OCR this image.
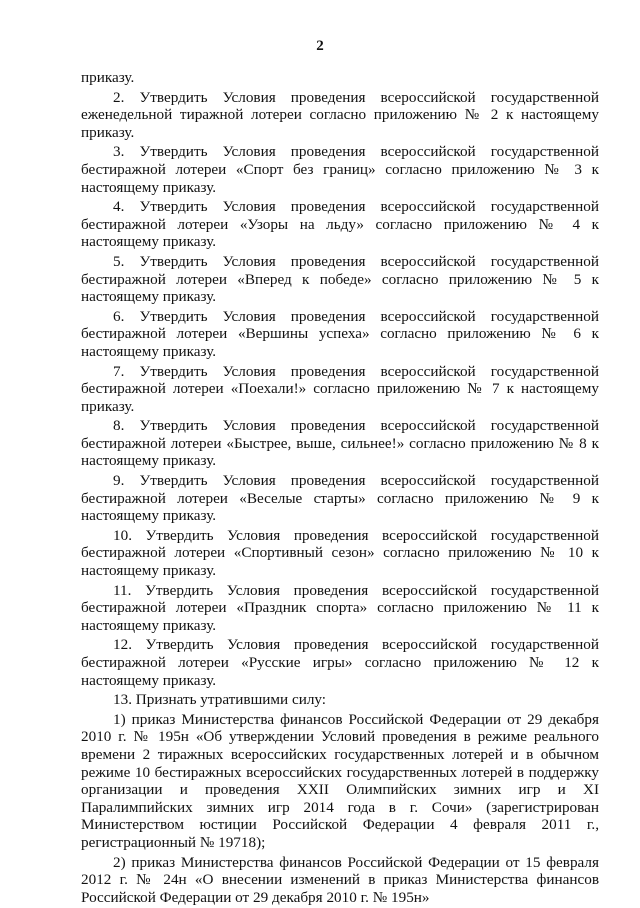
2
приказу.

2. Утвердить Условия проведения всероссийской государственной еженедельной тиражной лотереи согласно приложению № 2 к настоящему приказу.

3. Утвердить Условия проведения всероссийской государственной бестиражной лотереи «Спорт без границ» согласно приложению № 3 к настоящему приказу.

4. Утвердить Условия проведения всероссийской государственной бестиражной лотереи «Узоры на льду» согласно приложению № 4 к настоящему приказу.

5. Утвердить Условия проведения всероссийской государственной бестиражной лотереи «Вперед к победе» согласно приложению № 5 к настоящему приказу.

6. Утвердить Условия проведения всероссийской государственной бестиражной лотереи «Вершины успеха» согласно приложению № 6 к настоящему приказу.

7. Утвердить Условия проведения всероссийской государственной бестиражной лотереи «Поехали!» согласно приложению № 7 к настоящему приказу.

8. Утвердить Условия проведения всероссийской государственной бестиражной лотереи «Быстрее, выше, сильнее!» согласно приложению № 8 к настоящему приказу.

9. Утвердить Условия проведения всероссийской государственной бестиражной лотереи «Веселые старты» согласно приложению № 9 к настоящему приказу.

10. Утвердить Условия проведения всероссийской государственной бестиражной лотереи «Спортивный сезон» согласно приложению № 10 к настоящему приказу.

11. Утвердить Условия проведения всероссийской государственной бестиражной лотереи «Праздник спорта» согласно приложению № 11 к настоящему приказу.

12. Утвердить Условия проведения всероссийской государственной бестиражной лотереи «Русские игры» согласно приложению № 12 к настоящему приказу.

13. Признать утратившими силу:

1) приказ Министерства финансов Российской Федерации от 29 декабря 2010 г. № 195н «Об утверждении Условий проведения в режиме реального времени 2 тиражных всероссийских государственных лотерей и в обычном режиме 10 бестиражных всероссийских государственных лотерей в поддержку организации и проведения XXII Олимпийских зимних игр и XI Паралимпийских зимних игр 2014 года в г. Сочи» (зарегистрирован Министерством юстиции Российской Федерации 4 февраля 2011 г., регистрационный № 19718);

2) приказ Министерства финансов Российской Федерации от 15 февраля 2012 г. № 24н «О внесении изменений в приказ Министерства финансов Российской Федерации от 29 декабря 2010 г. № 195н»
